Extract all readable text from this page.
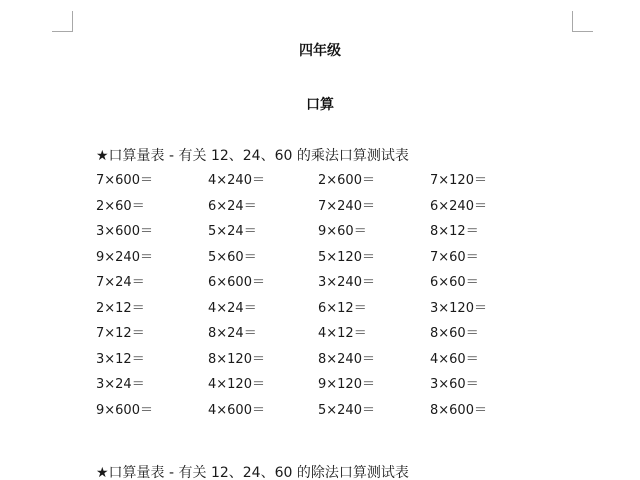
四年级
口算
★口算量表 - 有关 12、24、60 的乘法口算测试表
7×600＝	4×240＝	2×600＝	7×120＝
2×60＝	6×24＝	7×240＝	6×240＝
3×600＝	5×24＝	9×60＝	8×12＝
9×240＝	5×60＝	5×120＝	7×60＝
7×24＝	6×600＝	3×240＝	6×60＝
2×12＝	4×24＝	6×12＝	3×120＝
7×12＝	8×24＝	4×12＝	8×60＝
3×12＝	8×120＝	8×240＝	4×60＝
3×24＝	4×120＝	9×120＝	3×60＝
9×600＝	4×600＝	5×240＝	8×600＝
★口算量表 - 有关 12、24、60 的除法口算测试表
